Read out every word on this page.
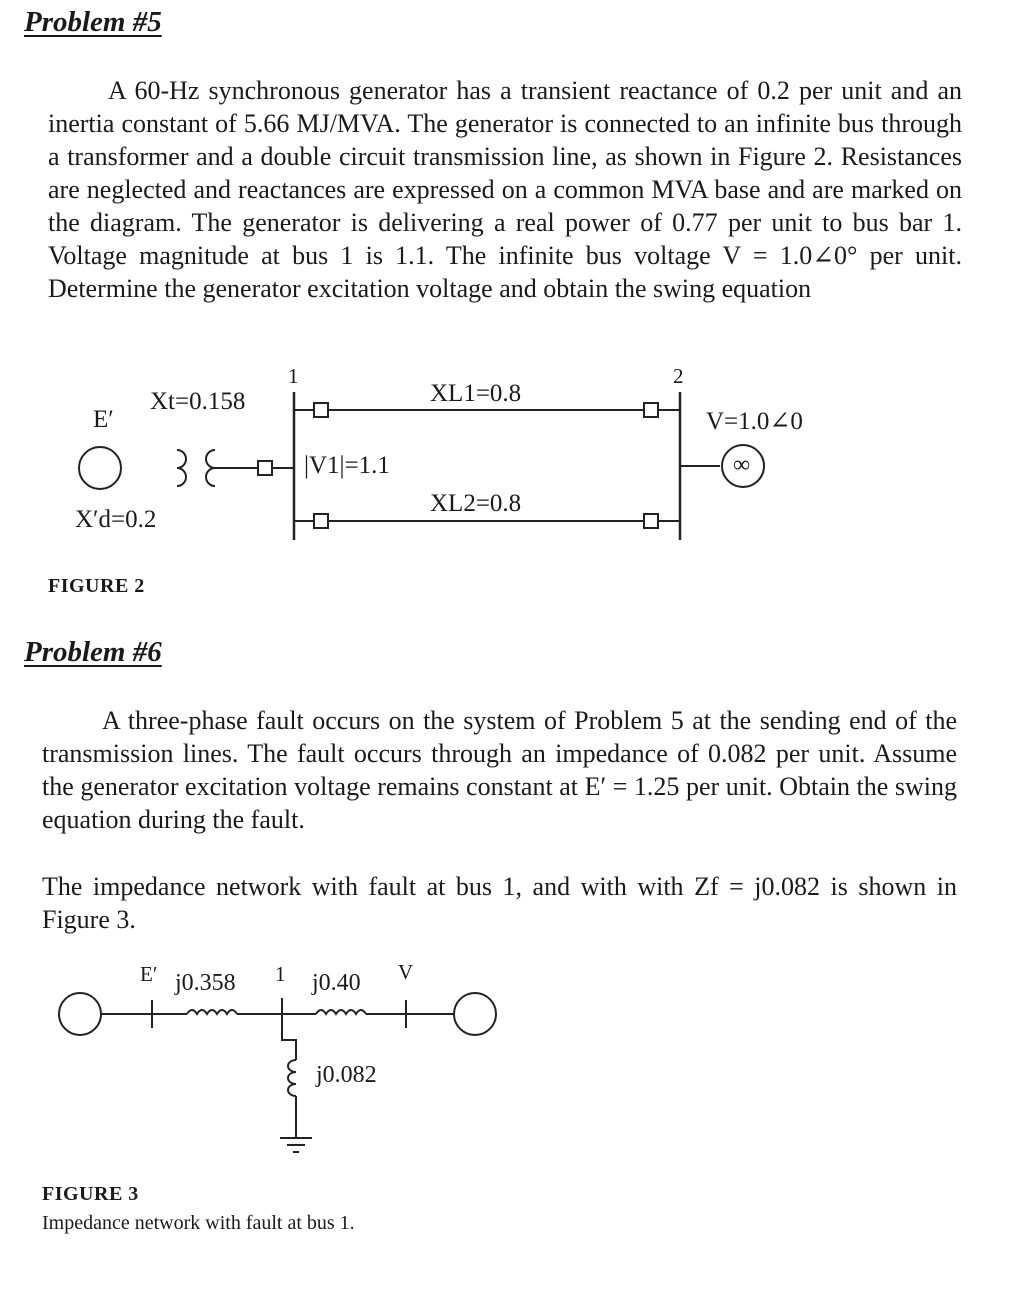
Problem #5
A 60-Hz synchronous generator has a transient reactance of 0.2 per unit and an inertia constant of 5.66 MJ/MVA. The generator is connected to an infinite bus through a transformer and a double circuit transmission line, as shown in Figure 2. Resistances are neglected and reactances are expressed on a common MVA base and are marked on the diagram. The generator is delivering a real power of 0.77 per unit to bus bar 1. Voltage magnitude at bus 1 is 1.1. The infinite bus voltage V = 1.0∠0° per unit. Determine the generator excitation voltage and obtain the swing equation
E′
Xt=0.158
X′d=0.2
1	2
|V1|=1.1
XL1=0.8
XL2=0.8
V=1.0∠0
∞
FIGURE 2
Problem #6
A three-phase fault occurs on the system of Problem 5 at the sending end of the transmission lines. The fault occurs through an impedance of 0.082 per unit. Assume the generator excitation voltage remains constant at E′ = 1.25 per unit. Obtain the swing equation during the fault.
The impedance network with fault at bus 1, and with with Zf = j0.082 is shown in Figure 3.
E′ j0.358 1 j0.40 V
j0.082
FIGURE 3
Impedance network with fault at bus 1.
